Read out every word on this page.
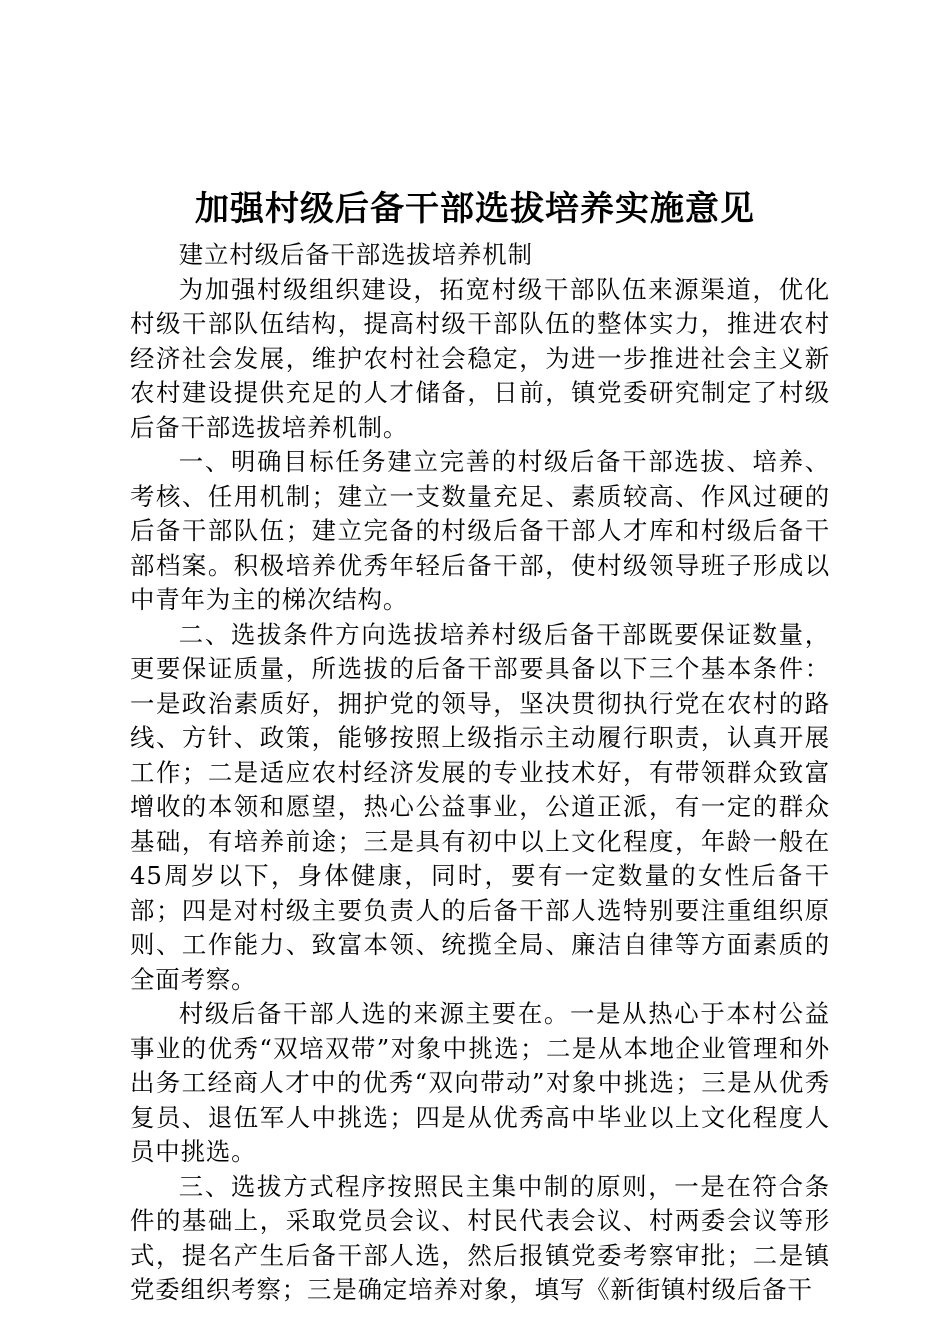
加强村级后备干部选拔培养实施意见

建立村级后备干部选拔培养机制

为加强村级组织建设，拓宽村级干部队伍来源渠道，优化村级干部队伍结构，提高村级干部队伍的整体实力，推进农村经济社会发展，维护农村社会稳定，为进一步推进社会主义新农村建设提供充足的人才储备，日前，镇党委研究制定了村级后备干部选拔培养机制。

一、明确目标任务建立完善的村级后备干部选拔、培养、考核、任用机制；建立一支数量充足、素质较高、作风过硬的后备干部队伍；建立完备的村级后备干部人才库和村级后备干部档案。积极培养优秀年轻后备干部，使村级领导班子形成以中青年为主的梯次结构。

二、选拔条件方向选拔培养村级后备干部既要保证数量，更要保证质量，所选拔的后备干部要具备以下三个基本条件：一是政治素质好，拥护党的领导，坚决贯彻执行党在农村的路线、方针、政策，能够按照上级指示主动履行职责，认真开展工作；二是适应农村经济发展的专业技术好，有带领群众致富增收的本领和愿望，热心公益事业，公道正派，有一定的群众基础，有培养前途；三是具有初中以上文化程度，年龄一般在45周岁以下，身体健康，同时，要有一定数量的女性后备干部；四是对村级主要负责人的后备干部人选特别要注重组织原则、工作能力、致富本领、统揽全局、廉洁自律等方面素质的全面考察。

村级后备干部人选的来源主要在。一是从热心于本村公益事业的优秀“双培双带”对象中挑选；二是从本地企业管理和外出务工经商人才中的优秀“双向带动”对象中挑选；三是从优秀复员、退伍军人中挑选；四是从优秀高中毕业以上文化程度人员中挑选。

三、选拔方式程序按照民主集中制的原则，一是在符合条件的基础上，采取党员会议、村民代表会议、村两委会议等形式，提名产生后备干部人选，然后报镇党委考察审批；二是镇党委组织考察；三是确定培养对象，填写《新街镇村级后备干
